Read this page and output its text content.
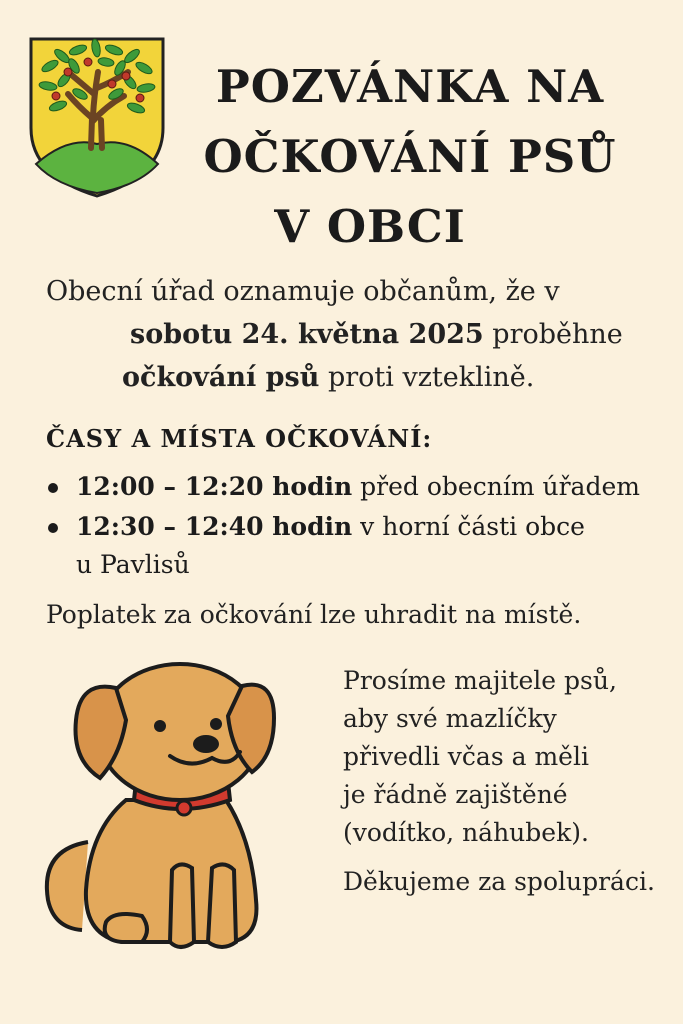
POZVÁNKA NA
OČKOVÁNÍ PSŮ
V OBCI
Obecní úřad oznamuje občanům, že v
sobotu 24. května 2025 proběhne
očkování psů proti vzteklině.
ČASY A MÍSTA OČKOVÁNÍ:
12:00 – 12:20 hodin před obecním úřadem
12:30 – 12:40 hodin v horní části obce
u Pavlisů
Poplatek za očkování lze uhradit na místě.
Prosíme majitele psů,
aby své mazlíčky
přivedli včas a měli
je řádně zajištěné
(vodítko, náhubek).
Děkujeme za spolupráci.
